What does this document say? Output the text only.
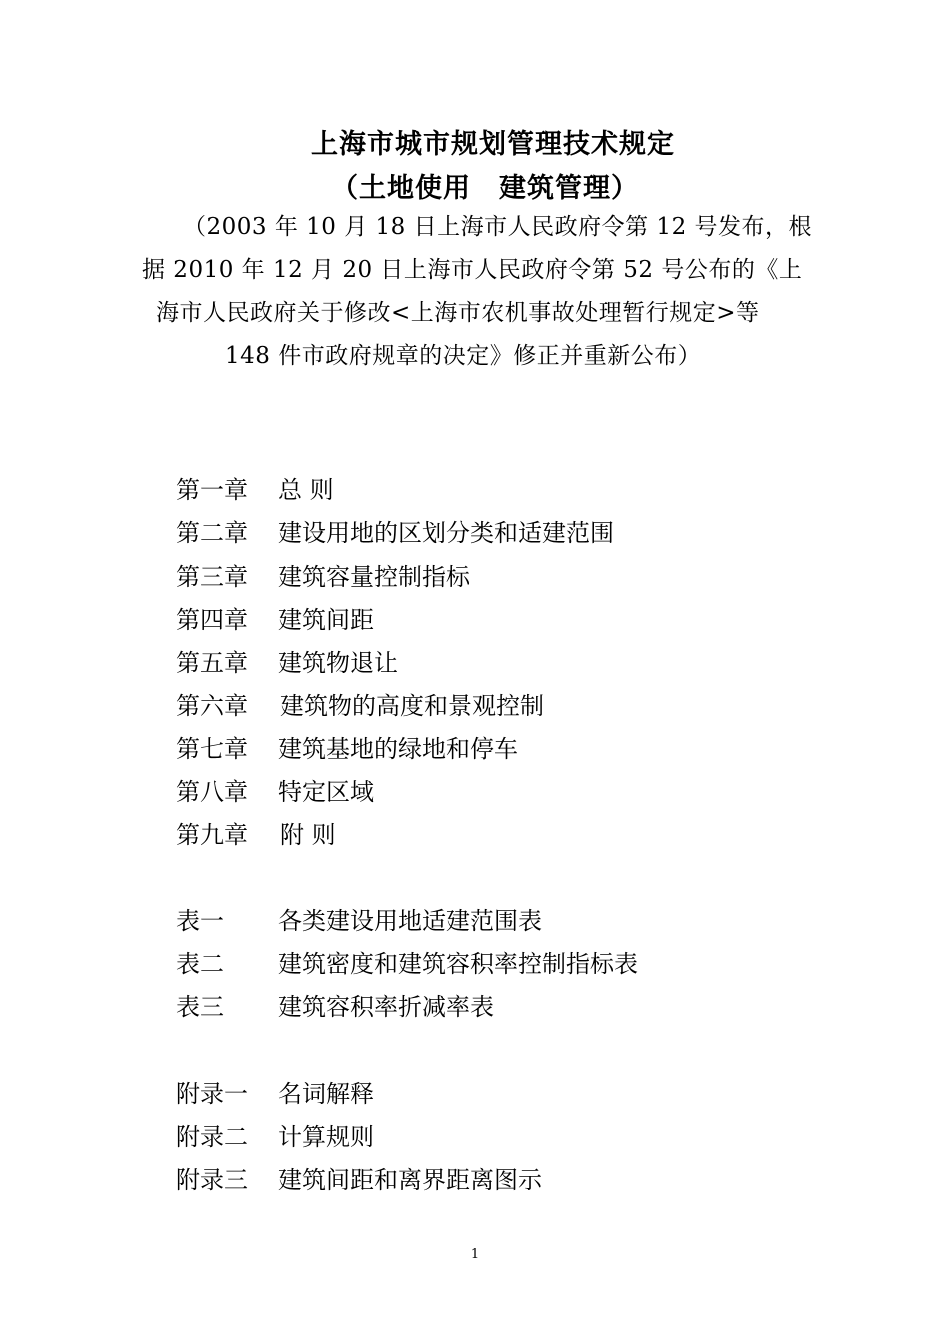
上海市城市规划管理技术规定
（土地使用 建筑管理）
（2003 年 10 月 18 日上海市人民政府令第 12 号发布，根
据 2010 年 12 月 20 日上海市人民政府令第 52 号公布的《上
海市人民政府关于修改<上海市农机事故处理暂行规定>等
148 件市政府规章的决定》修正并重新公布）
第一章 总 则
第二章 建设用地的区划分类和适建范围
第三章 建筑容量控制指标
第四章 建筑间距
第五章 建筑物退让
第六章 建筑物的高度和景观控制
第七章 建筑基地的绿地和停车
第八章 特定区域
第九章 附 则
表一 各类建设用地适建范围表
表二 建筑密度和建筑容积率控制指标表
表三 建筑容积率折减率表
附录一 名词解释
附录二 计算规则
附录三 建筑间距和离界距离图示
1
